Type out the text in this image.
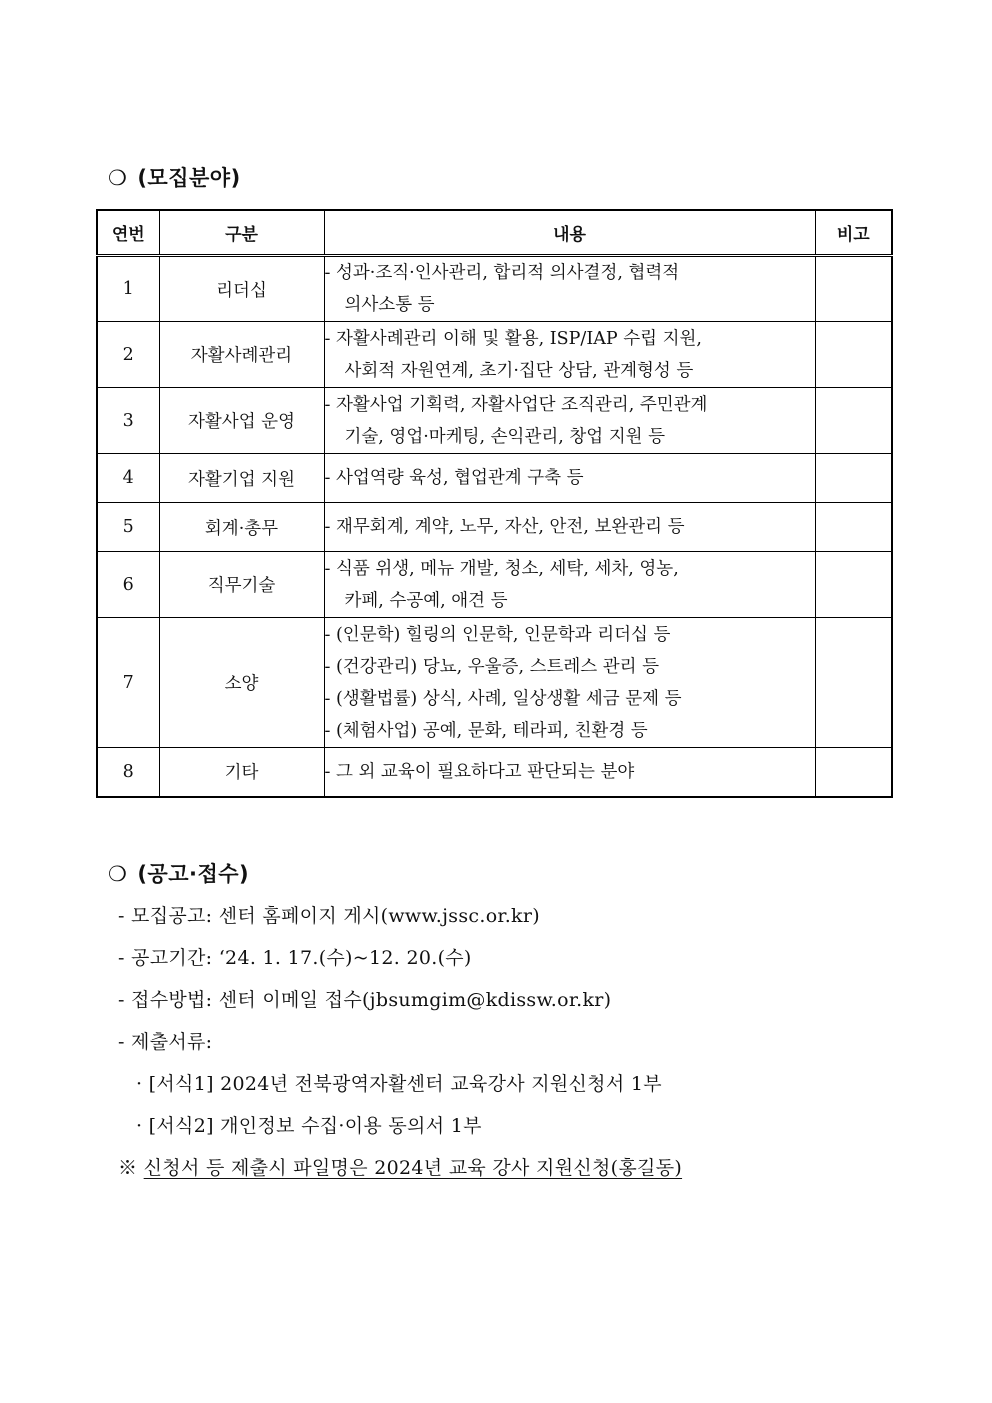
❍ (모집분야)
연번	구분	내용	비고
1	리더십	- 성과·조직·인사관리, 합리적 의사결정, 협력적
의사소통 등	

2	자활사례관리	- 자활사례관리 이해 및 활용, ISP/IAP 수립 지원,
사회적 자원연계, 초기·집단 상담, 관계형성 등	

3	자활사업 운영	- 자활사업 기획력, 자활사업단 조직관리, 주민관계
기술, 영업·마케팅, 손익관리, 창업 지원 등	

4	자활기업 지원	- 사업역량 육성, 협업관계 구축 등	

5	회계·총무	- 재무회계, 계약, 노무, 자산, 안전, 보완관리 등	

6	직무기술	- 식품 위생, 메뉴 개발, 청소, 세탁, 세차, 영농,
카페, 수공예, 애견 등	

7	소양	- (인문학) 힐링의 인문학, 인문학과 리더십 등
- (건강관리) 당뇨, 우울증, 스트레스 관리 등
- (생활법률) 상식, 사례, 일상생활 세금 문제 등
- (체험사업) 공예, 문화, 테라피, 친환경 등	

8	기타	- 그 외 교육이 필요하다고 판단되는 분야	

❍ (공고·접수)
- 모집공고: 센터 홈페이지 게시(www.jssc.or.kr)
- 공고기간: ‘24. 1. 17.(수)~12. 20.(수)
- 접수방법: 센터 이메일 접수(jbsumgim@kdissw.or.kr)
- 제출서류:
· [서식1] 2024년 전북광역자활센터 교육강사 지원신청서 1부
· [서식2] 개인정보 수집·이용 동의서 1부
※ 신청서 등 제출시 파일명은 2024년 교육 강사 지원신청(홍길동)
